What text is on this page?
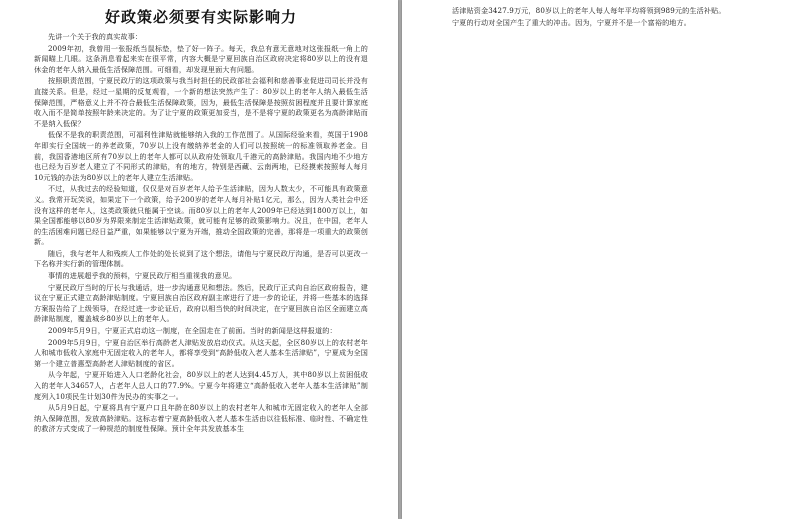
好政策必须要有实际影响力

先讲一个关于我的真实故事：

2009年初，我曾用一张报纸当鼠标垫，垫了好一阵子。每天，我总有意无意地对这张报纸一角上的新闻瞄上几眼。这条消息看起来实在很平常，内容大概是宁夏回族自治区政府决定将80岁以上的没有退休金的老年人纳入最低生活保障范围。可细看，却发现里面大有问题。

按照职责范围，宁夏民政厅的这项政策与我当时担任的民政部社会福利和慈善事业促进司司长并没有直接关系。但是，经过一星期的反复观看，一个新的想法突然产生了：80岁以上的老年人纳入最低生活保障范围，严格意义上并不符合最低生活保障政策，因为，最低生活保障是按照贫困程度并且要计算家庭收入而不是简单按照年龄来决定的。为了让宁夏的政策更加妥当，是不是将宁夏的政策更名为高龄津贴而不是纳入低保？

低保不是我的职责范围，可福利性津贴就能够纳入我的工作范围了。从国际经验来看，英国于1908年即实行全国统一的养老政策，70岁以上没有缴纳养老金的人们可以按照统一的标准领取养老金。目前，我国香港地区所有70岁以上的老年人都可以从政府处领取几千港元的高龄津贴。我国内地不少地方也已经为百岁老人建立了不同形式的津贴，有的地方，特别是西藏、云南两地，已经摸索按照每人每月10元钱的办法为80岁以上的老年人建立生活津贴。

不过，从我过去的经验知道，仅仅是对百岁老年人给予生活津贴，因为人数太少，不可能具有政策意义。我常开玩笑说，如果定下一个政策，给予200岁的老年人每月补贴1亿元，那么，因为人类社会中还没有这样的老年人，这类政策就只能属于空谈。而80岁以上的老年人2009年已经达到1800万以上，如果全国都能够以80岁为界限来制定生活津贴政策，就可能有足够的政策影响力。况且，在中国，老年人的生活困难问题已经日益严重，如果能够以宁夏为开端，推动全国政策的完善，那将是一项重大的政策创新。

随后，我与老年人和残疾人工作处的处长说到了这个想法，请他与宁夏民政厅沟通，是否可以更改一下名称并实行新的管理体制。

事情的进展超乎我的预料，宁夏民政厅相当重视我的意见。

宁夏民政厅当时的厅长与我通话，进一步沟通意见和想法。然后，民政厅正式向自治区政府报告，建议在宁夏正式建立高龄津贴制度。宁夏回族自治区政府副主席进行了进一步的论证，并将一些基本的选择方案报告给了上级领导，在经过进一步论证后，政府以相当快的时间决定，在宁夏回族自治区全面建立高龄津贴制度，覆盖城乡80岁以上的老年人。

2009年5月9日，宁夏正式启动这一制度，在全国走在了前面。当时的新闻是这样报道的：

2009年5月9日，宁夏自治区举行高龄老人津贴发放启动仪式。从这天起，全区80岁以上的农村老年人和城市低收入家庭中无固定收入的老年人，都将享受到“高龄低收入老人基本生活津贴”，宁夏成为全国第一个建立普惠型高龄老人津贴制度的省区。

从今年起，宁夏开始进入人口老龄化社会，80岁以上的老人达到4.45万人，其中80岁以上贫困低收入的老年人34657人，占老年人总人口的77.9%。宁夏今年将建立“高龄低收入老年人基本生活津贴”制度列入10项民生计划30件为民办的实事之一。

从5月9日起，宁夏将具有宁夏户口且年龄在80岁以上的农村老年人和城市无固定收入的老年人全部纳入保障范围，发放高龄津贴。这标志着宁夏高龄低收入老人基本生活由以往低标准、临时性、不确定性的救济方式变成了一种规范的制度性保障。预计全年共发放基本生

活津贴资金3427.9万元，80岁以上的老年人每人每年平均将领到989元的生活补贴。

宁夏的行动对全国产生了重大的冲击。因为，宁夏并不是一个富裕的地方。
